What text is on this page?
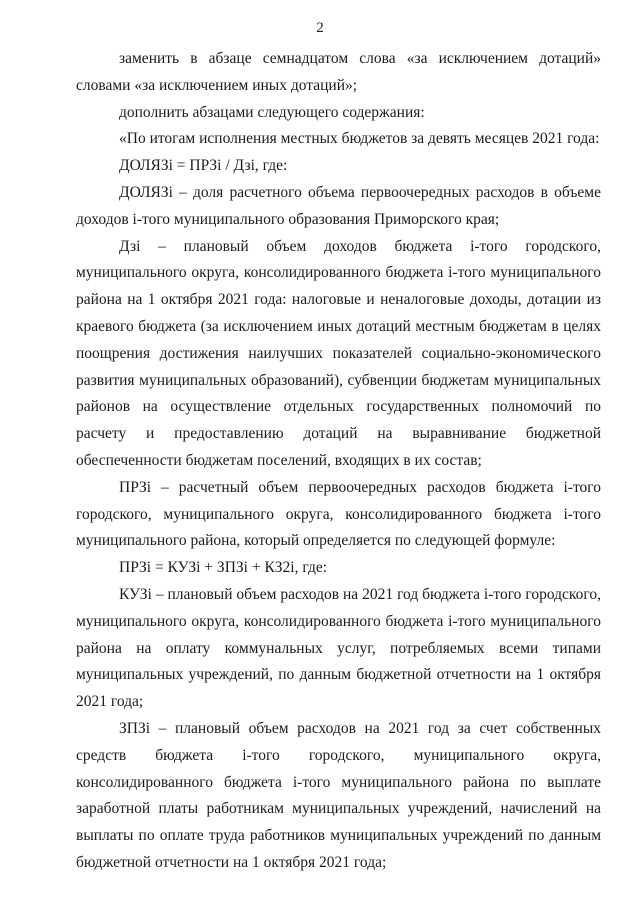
2

заменить в абзаце семнадцатом слова «за исключением дотаций» словами «за исключением иных дотаций»;

дополнить абзацами следующего содержания:

«По итогам исполнения местных бюджетов за девять месяцев 2021 года:

ДОЛЯЗi = ПРЗi / Дзi, где:

ДОЛЯЗi – доля расчетного объема первоочередных расходов в объеме доходов i-того муниципального образования Приморского края;

Дзi – плановый объем доходов бюджета i-того городского, муниципального округа, консолидированного бюджета i-того муниципального района на 1 октября 2021 года: налоговые и неналоговые доходы, дотации из краевого бюджета (за исключением иных дотаций местным бюджетам в целях поощрения достижения наилучших показателей социально-экономического развития муниципальных образований), субвенции бюджетам муниципальных районов на осуществление отдельных государственных полномочий по расчету и предоставлению дотаций на выравнивание бюджетной обеспеченности бюджетам поселений, входящих в их состав;

ПРЗi – расчетный объем первоочередных расходов бюджета i-того городского, муниципального округа, консолидированного бюджета i-того муниципального района, который определяется по следующей формуле:

ПРЗi = КУЗi + ЗПЗi + КЗ2i, где:

КУЗi – плановый объем расходов на 2021 год бюджета i-того городского, муниципального округа, консолидированного бюджета i-того муниципального района на оплату коммунальных услуг, потребляемых всеми типами муниципальных учреждений, по данным бюджетной отчетности на 1 октября 2021 года;

ЗПЗi – плановый объем расходов на 2021 год за счет собственных средств бюджета i-того городского, муниципального округа, консолидированного бюджета i-того муниципального района по выплате заработной платы работникам муниципальных учреждений, начислений на выплаты по оплате труда работников муниципальных учреждений по данным бюджетной отчетности на 1 октября 2021 года;
